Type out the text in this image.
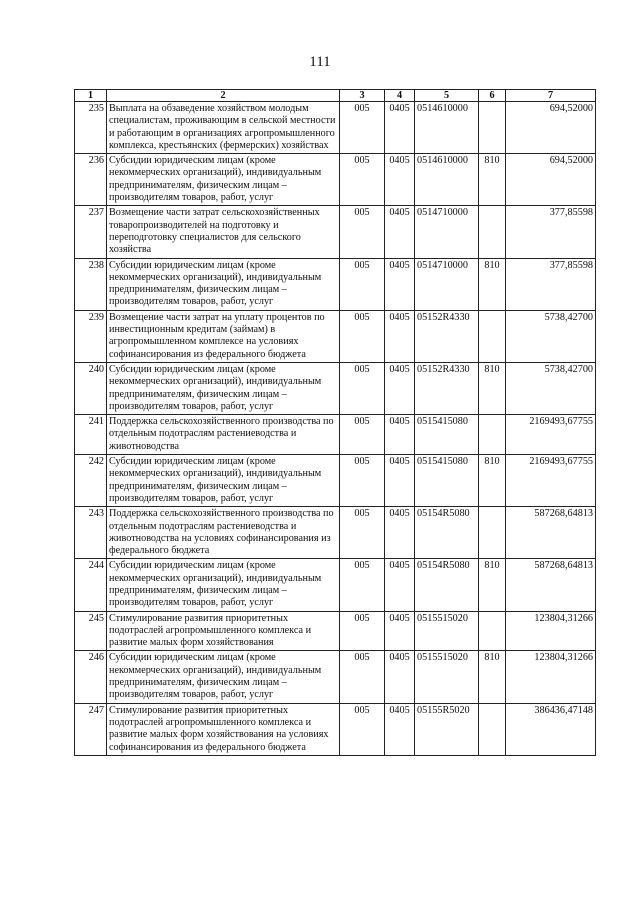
111
1	2	3	4	5	6	7
235	Выплата на обзаведение хозяйством молодым специалистам, проживающим в сельской местности и работающим в организациях агропромышленного комплекса, крестьянских (фермерских) хозяйствах	005	0405	0514610000		694,52000
236	Субсидии юридическим лицам (кроме некоммерческих организаций), индивидуальным предпринимателям, физическим лицам – производителям товаров, работ, услуг	005	0405	0514610000	810	694,52000
237	Возмещение части затрат сельскохозяйственных товаропроизводителей на подготовку и переподготовку специалистов для сельского хозяйства	005	0405	0514710000		377,85598
238	Субсидии юридическим лицам (кроме некоммерческих организаций), индивидуальным предпринимателям, физическим лицам – производителям товаров, работ, услуг	005	0405	0514710000	810	377,85598
239	Возмещение части затрат на уплату процентов по инвестиционным кредитам (займам) в агропромышленном комплексе на условиях софинансирования из федерального бюджета	005	0405	05152R4330		5738,42700
240	Субсидии юридическим лицам (кроме некоммерческих организаций), индивидуальным предпринимателям, физическим лицам – производителям товаров, работ, услуг	005	0405	05152R4330	810	5738,42700
241	Поддержка сельскохозяйственного производства по отдельным подотраслям растениеводства и животноводства	005	0405	0515415080		2169493,67755
242	Субсидии юридическим лицам (кроме некоммерческих организаций), индивидуальным предпринимателям, физическим лицам – производителям товаров, работ, услуг	005	0405	0515415080	810	2169493,67755
243	Поддержка сельскохозяйственного производства по отдельным подотраслям растениеводства и животноводства на условиях софинансирования из федерального бюджета	005	0405	05154R5080		587268,64813
244	Субсидии юридическим лицам (кроме некоммерческих организаций), индивидуальным предпринимателям, физическим лицам – производителям товаров, работ, услуг	005	0405	05154R5080	810	587268,64813
245	Стимулирование развития приоритетных подотраслей агропромышленного комплекса и развитие малых форм хозяйствования	005	0405	0515515020		123804,31266
246	Субсидии юридическим лицам (кроме некоммерческих организаций), индивидуальным предпринимателям, физическим лицам – производителям товаров, работ, услуг	005	0405	0515515020	810	123804,31266
247	Стимулирование развития приоритетных подотраслей агропромышленного комплекса и развитие малых форм хозяйствования на условиях софинансирования из федерального бюджета	005	0405	05155R5020		386436,47148
